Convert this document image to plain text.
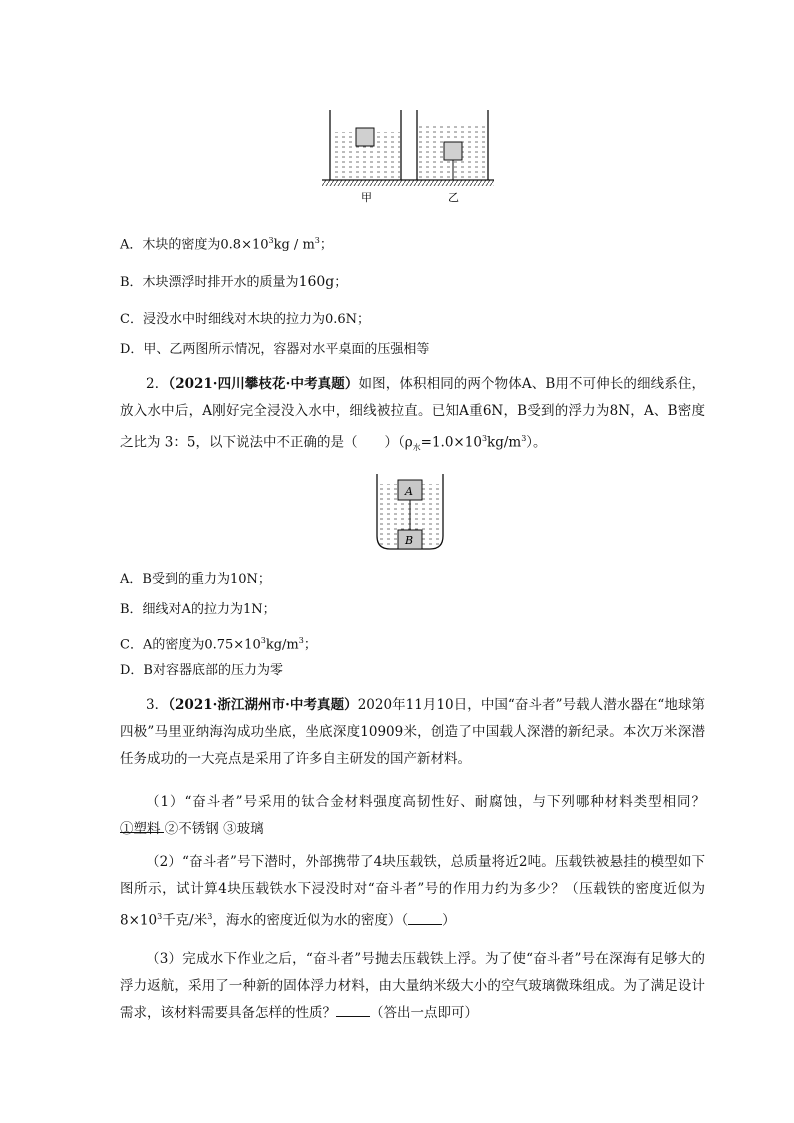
甲	乙
A．木块的密度为$0.8\times 10^3kg / m^3$；
B．木块漂浮时排开水的质量为160g；
C．浸没水中时细线对木块的拉力为0.6N；
D．甲、乙两图所示情况，容器对水平桌面的压强相等
2．（2021·四川攀枝花·中考真题）如图，体积相同的两个物体A、B用不可伸长的细线系住，放入水中后，A刚好完全浸没入水中，细线被拉直。已知A重6N，B受到的浮力为8N，A、B密度之比为 3：5，以下说法中不正确的是（　　）$(\rho_水=1.0\times 10^3kg/m^3)$。
A
B
A．B受到的重力为10N；
B．细线对A的拉力为1N；
C．A的密度为$0.75\times 10^3kg/m^3$；
D．B对容器底部的压力为零
3．（2021·浙江湖州市·中考真题）2020年11月10日，中国“奋斗者”号载人潜水器在“地球第四极”马里亚纳海沟成功坐底，坐底深度10909米，创造了中国载人深潜的新纪录。本次万米深潜任务成功的一大亮点是采用了许多自主研发的国产新材料。
（1）“奋斗者”号采用的钛合金材料强度高韧性好、耐腐蚀，与下列哪种材料类型相同？
①塑料 ②不锈钢 ③玻璃
（2）“奋斗者”号下潜时，外部携带了4块压载铁，总质量将近2吨。压载铁被悬挂的模型如下图所示，试计算4块压载铁水下浸没时对“奋斗者”号的作用力约为多少？（压载铁的密度近似为$8\times 10^3$千克/米$^3$，海水的密度近似为水的密度）（	）
（3）完成水下作业之后，“奋斗者”号抛去压载铁上浮。为了使“奋斗者”号在深海有足够大的浮力返航，采用了一种新的固体浮力材料，由大量纳米级大小的空气玻璃微珠组成。为了满足设计需求，该材料需要具备怎样的性质？	（答出一点即可）
